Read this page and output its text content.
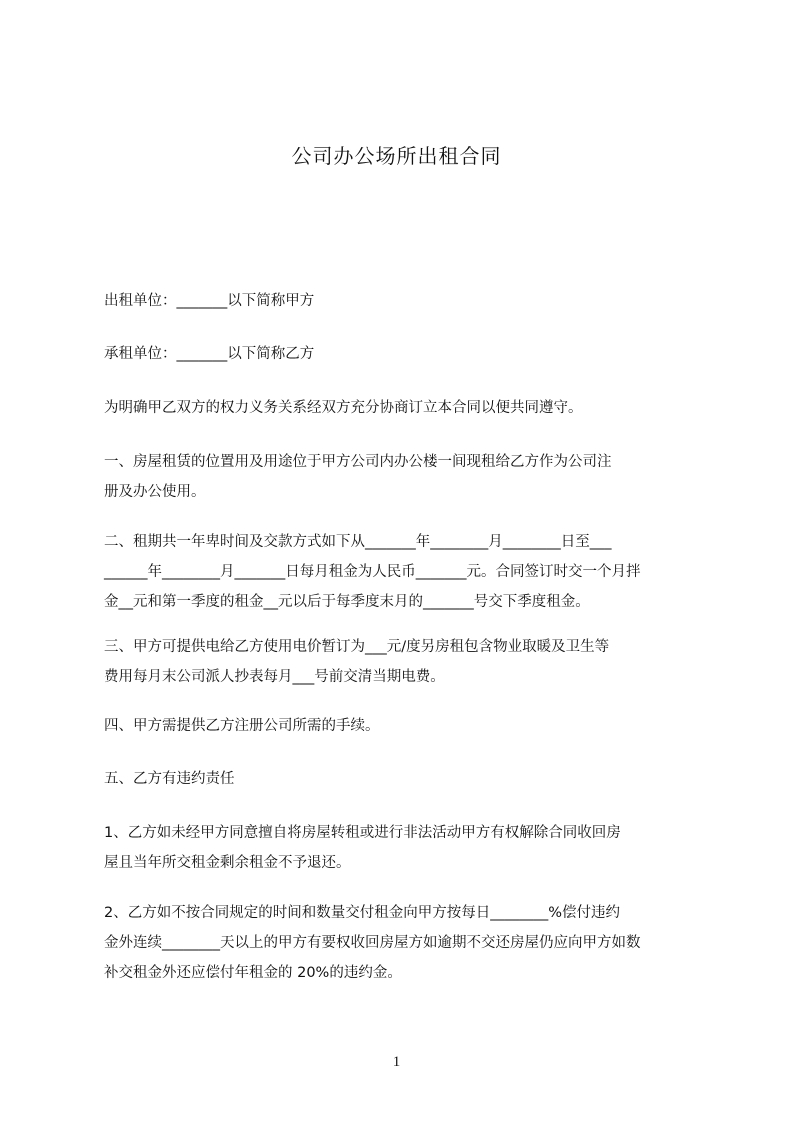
公司办公场所出租合同
出租单位：_______以下简称甲方
承租单位：_______以下简称乙方
为明确甲乙双方的权力义务关系经双方充分协商订立本合同以便共同遵守。
一、房屋租赁的位置用及用途位于甲方公司内办公楼一间现租给乙方作为公司注
册及办公使用。
二、租期共一年卑时间及交款方式如下从_______年________月________日至___
______年________月_______日每月租金为人民币_______元。合同签订时交一个月拌
金__元和第一季度的租金__元以后于每季度末月的_______号交下季度租金。
三、甲方可提供电给乙方使用电价暂订为___元/度另房租包含物业取暖及卫生等
费用每月末公司派人抄表每月___号前交清当期电费。
四、甲方需提供乙方注册公司所需的手续。
五、乙方有违约责任
1、乙方如未经甲方同意擅自将房屋转租或进行非法活动甲方有权解除合同收回房
屋且当年所交租金剩余租金不予退还。
2、乙方如不按合同规定的时间和数量交付租金向甲方按每日________%偿付违约
金外连续________天以上的甲方有要权收回房屋方如逾期不交还房屋仍应向甲方如数
补交租金外还应偿付年租金的 20%的违约金。
1
